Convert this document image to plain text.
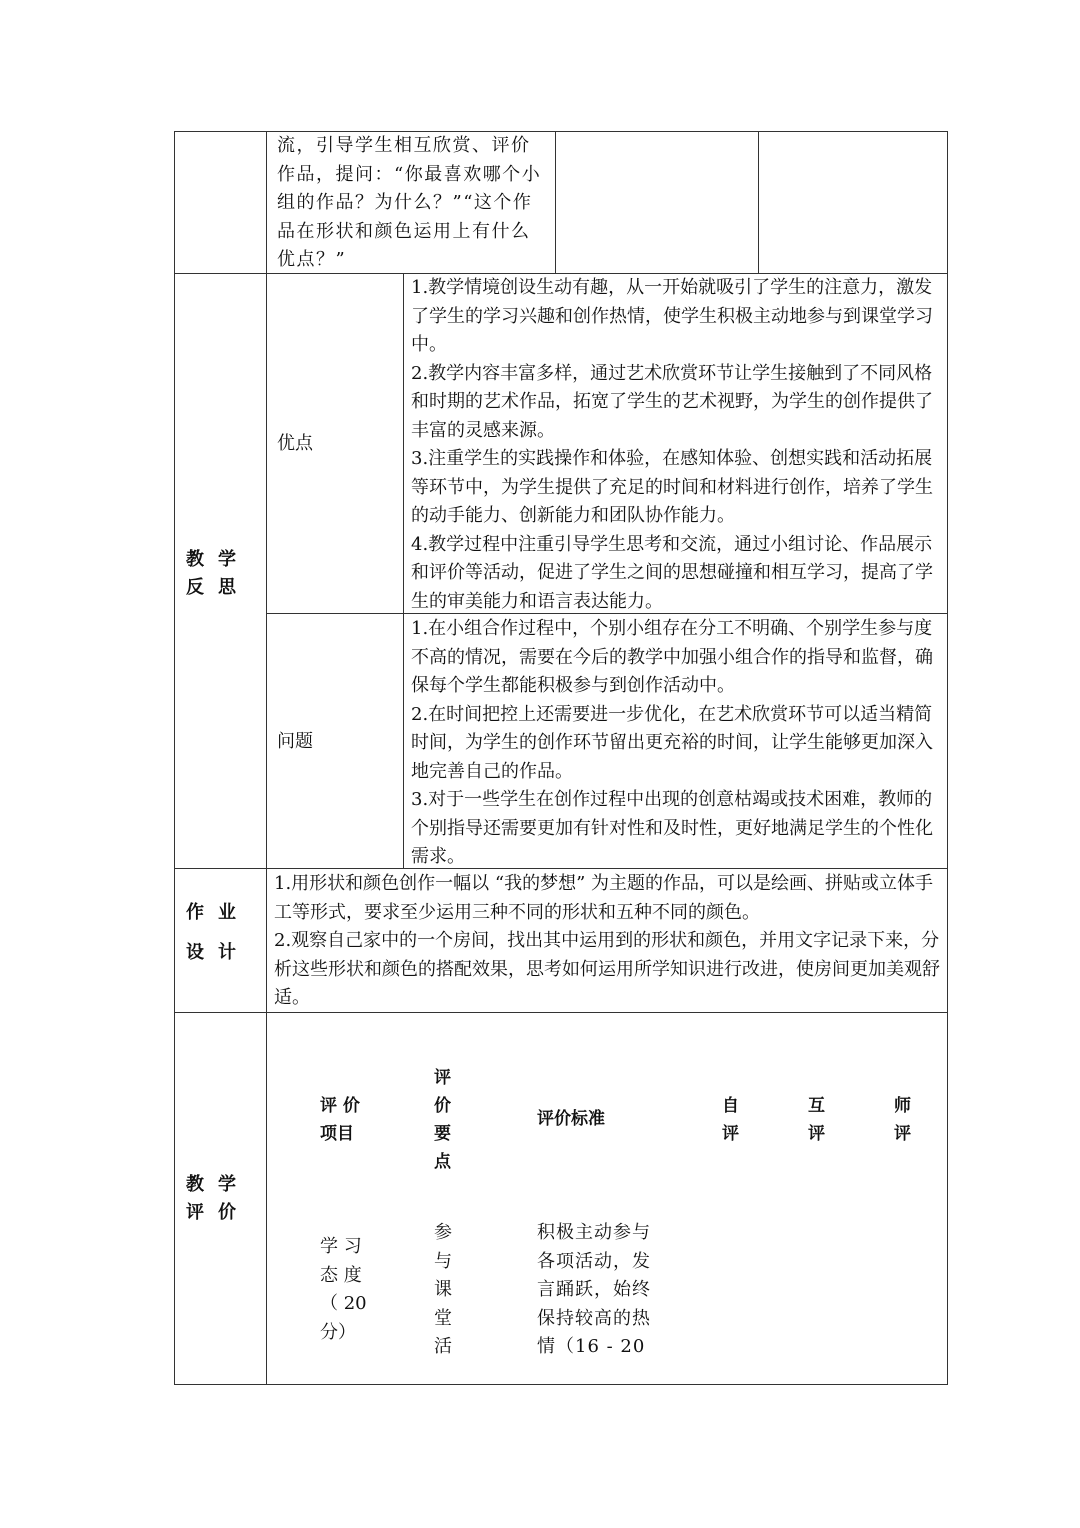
流，引导学生相互欣赏、评价作品，提问：“你最喜欢哪个小组的作品？为什么？”“这个作品在形状和颜色运用上有什么优点？”
教学反思
优点
1.教学情境创设生动有趣，从一开始就吸引了学生的注意力，激发了学生的学习兴趣和创作热情，使学生积极主动地参与到课堂学习中。
2.教学内容丰富多样，通过艺术欣赏环节让学生接触到了不同风格和时期的艺术作品，拓宽了学生的艺术视野，为学生的创作提供了丰富的灵感来源。
3.注重学生的实践操作和体验，在感知体验、创想实践和活动拓展等环节中，为学生提供了充足的时间和材料进行创作，培养了学生的动手能力、创新能力和团队协作能力。
4.教学过程中注重引导学生思考和交流，通过小组讨论、作品展示和评价等活动，促进了学生之间的思想碰撞和相互学习，提高了学生的审美能力和语言表达能力。
问题
1.在小组合作过程中，个别小组存在分工不明确、个别学生参与度不高的情况，需要在今后的教学中加强小组合作的指导和监督，确保每个学生都能积极参与到创作活动中。
2.在时间把控上还需要进一步优化，在艺术欣赏环节可以适当精简时间，为学生的创作环节留出更充裕的时间，让学生能够更加深入地完善自己的作品。
3.对于一些学生在创作过程中出现的创意枯竭或技术困难，教师的个别指导还需要更加有针对性和及时性，更好地满足学生的个性化需求。
作业设计
1.用形状和颜色创作一幅以 “我的梦想” 为主题的作品，可以是绘画、拼贴或立体手工等形式，要求至少运用三种不同的形状和五种不同的颜色。
2.观察自己家中的一个房间，找出其中运用到的形状和颜色，并用文字记录下来，分析这些形状和颜色的搭配效果，思考如何运用所学知识进行改进，使房间更加美观舒适。
教学评价
评 价
项目
评
价
要
点
评价标准
自
评
互
评
师
评
学 习
态 度
（ 20
分）
参
与
课
堂
活
积极主动参与
各项活动，发
言踊跃，始终
保持较高的热
情（16 - 20
